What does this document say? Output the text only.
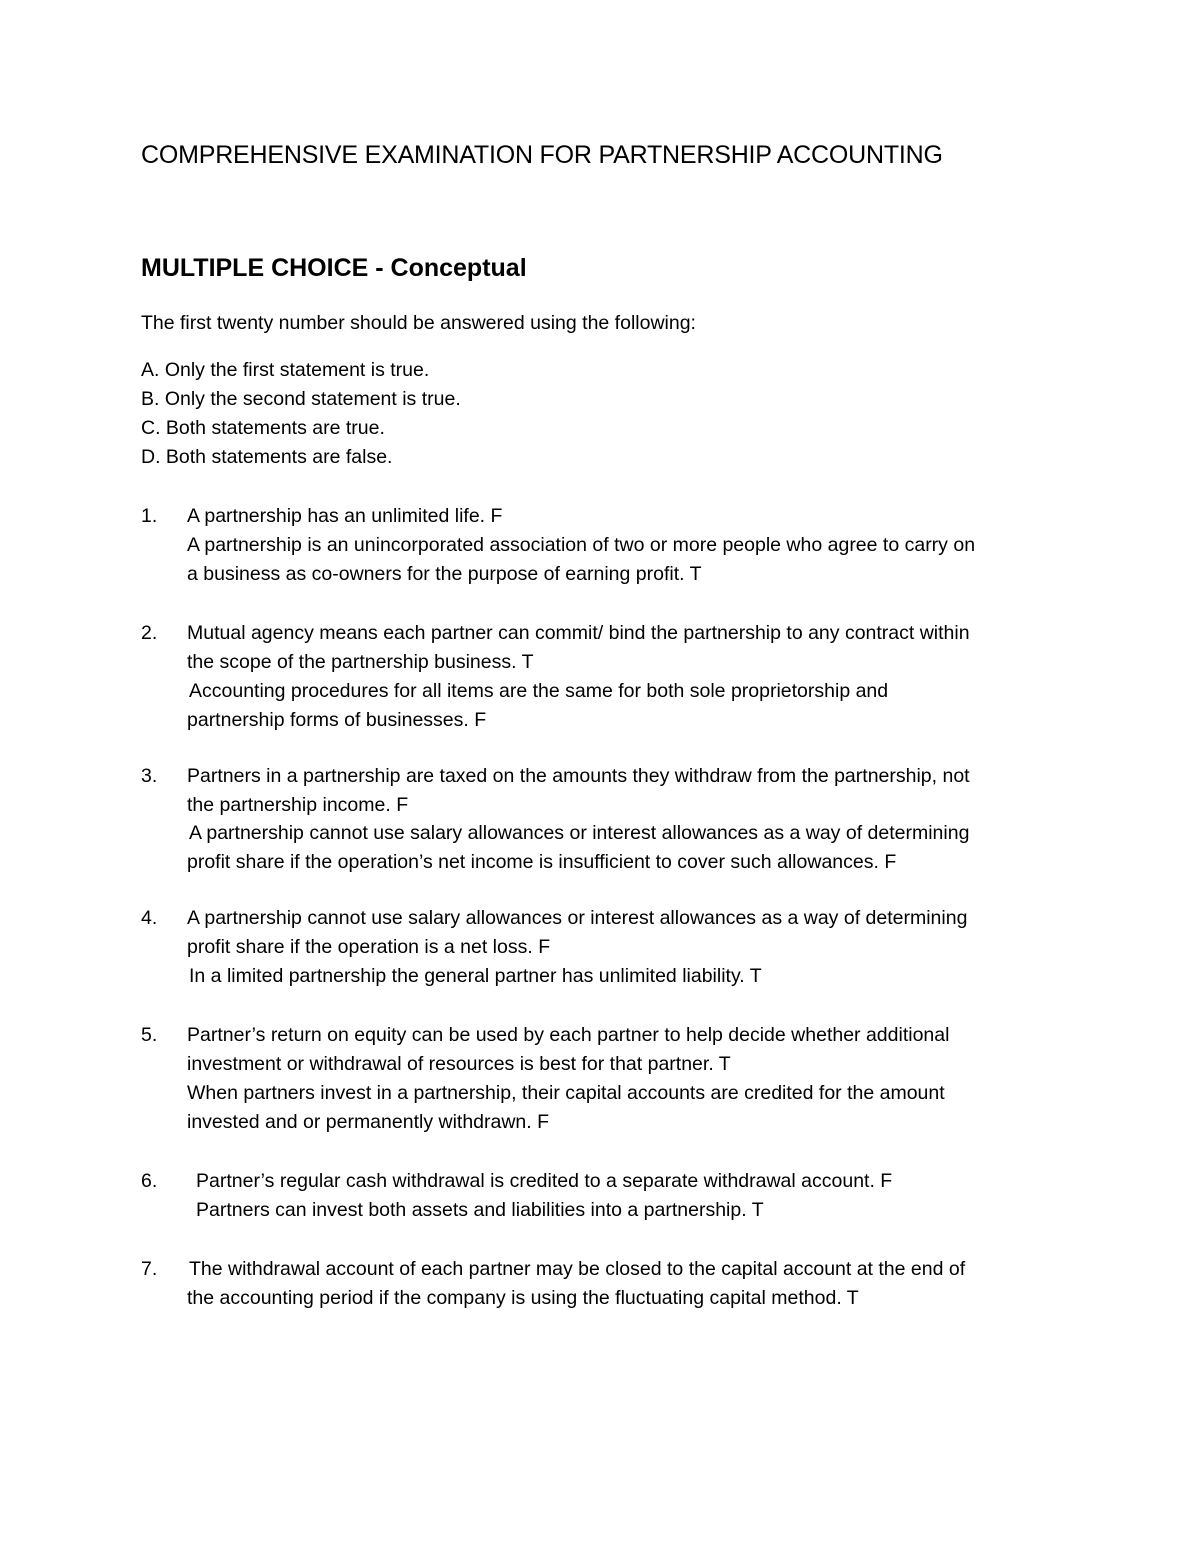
COMPREHENSIVE EXAMINATION FOR PARTNERSHIP ACCOUNTING
MULTIPLE CHOICE - Conceptual
The first twenty number should be answered using the following:
A. Only the first statement is true.
B. Only the second statement is true.
C. Both statements are true.
D. Both statements are false.
1. A partnership has an unlimited life. F
A partnership is an unincorporated association of two or more people who agree to carry on
a business as co-owners for the purpose of earning profit. T
2. Mutual agency means each partner can commit/ bind the partnership to any contract within
the scope of the partnership business. T
Accounting procedures for all items are the same for both sole proprietorship and
partnership forms of businesses. F
3. Partners in a partnership are taxed on the amounts they withdraw from the partnership, not
the partnership income. F
A partnership cannot use salary allowances or interest allowances as a way of determining
profit share if the operation’s net income is insufficient to cover such allowances. F
4. A partnership cannot use salary allowances or interest allowances as a way of determining
profit share if the operation is a net loss. F
In a limited partnership the general partner has unlimited liability. T
5. Partner’s return on equity can be used by each partner to help decide whether additional
investment or withdrawal of resources is best for that partner. T
When partners invest in a partnership, their capital accounts are credited for the amount
invested and or permanently withdrawn. F
6. Partner’s regular cash withdrawal is credited to a separate withdrawal account. F
Partners can invest both assets and liabilities into a partnership. T
7. The withdrawal account of each partner may be closed to the capital account at the end of
the accounting period if the company is using the fluctuating capital method. T
